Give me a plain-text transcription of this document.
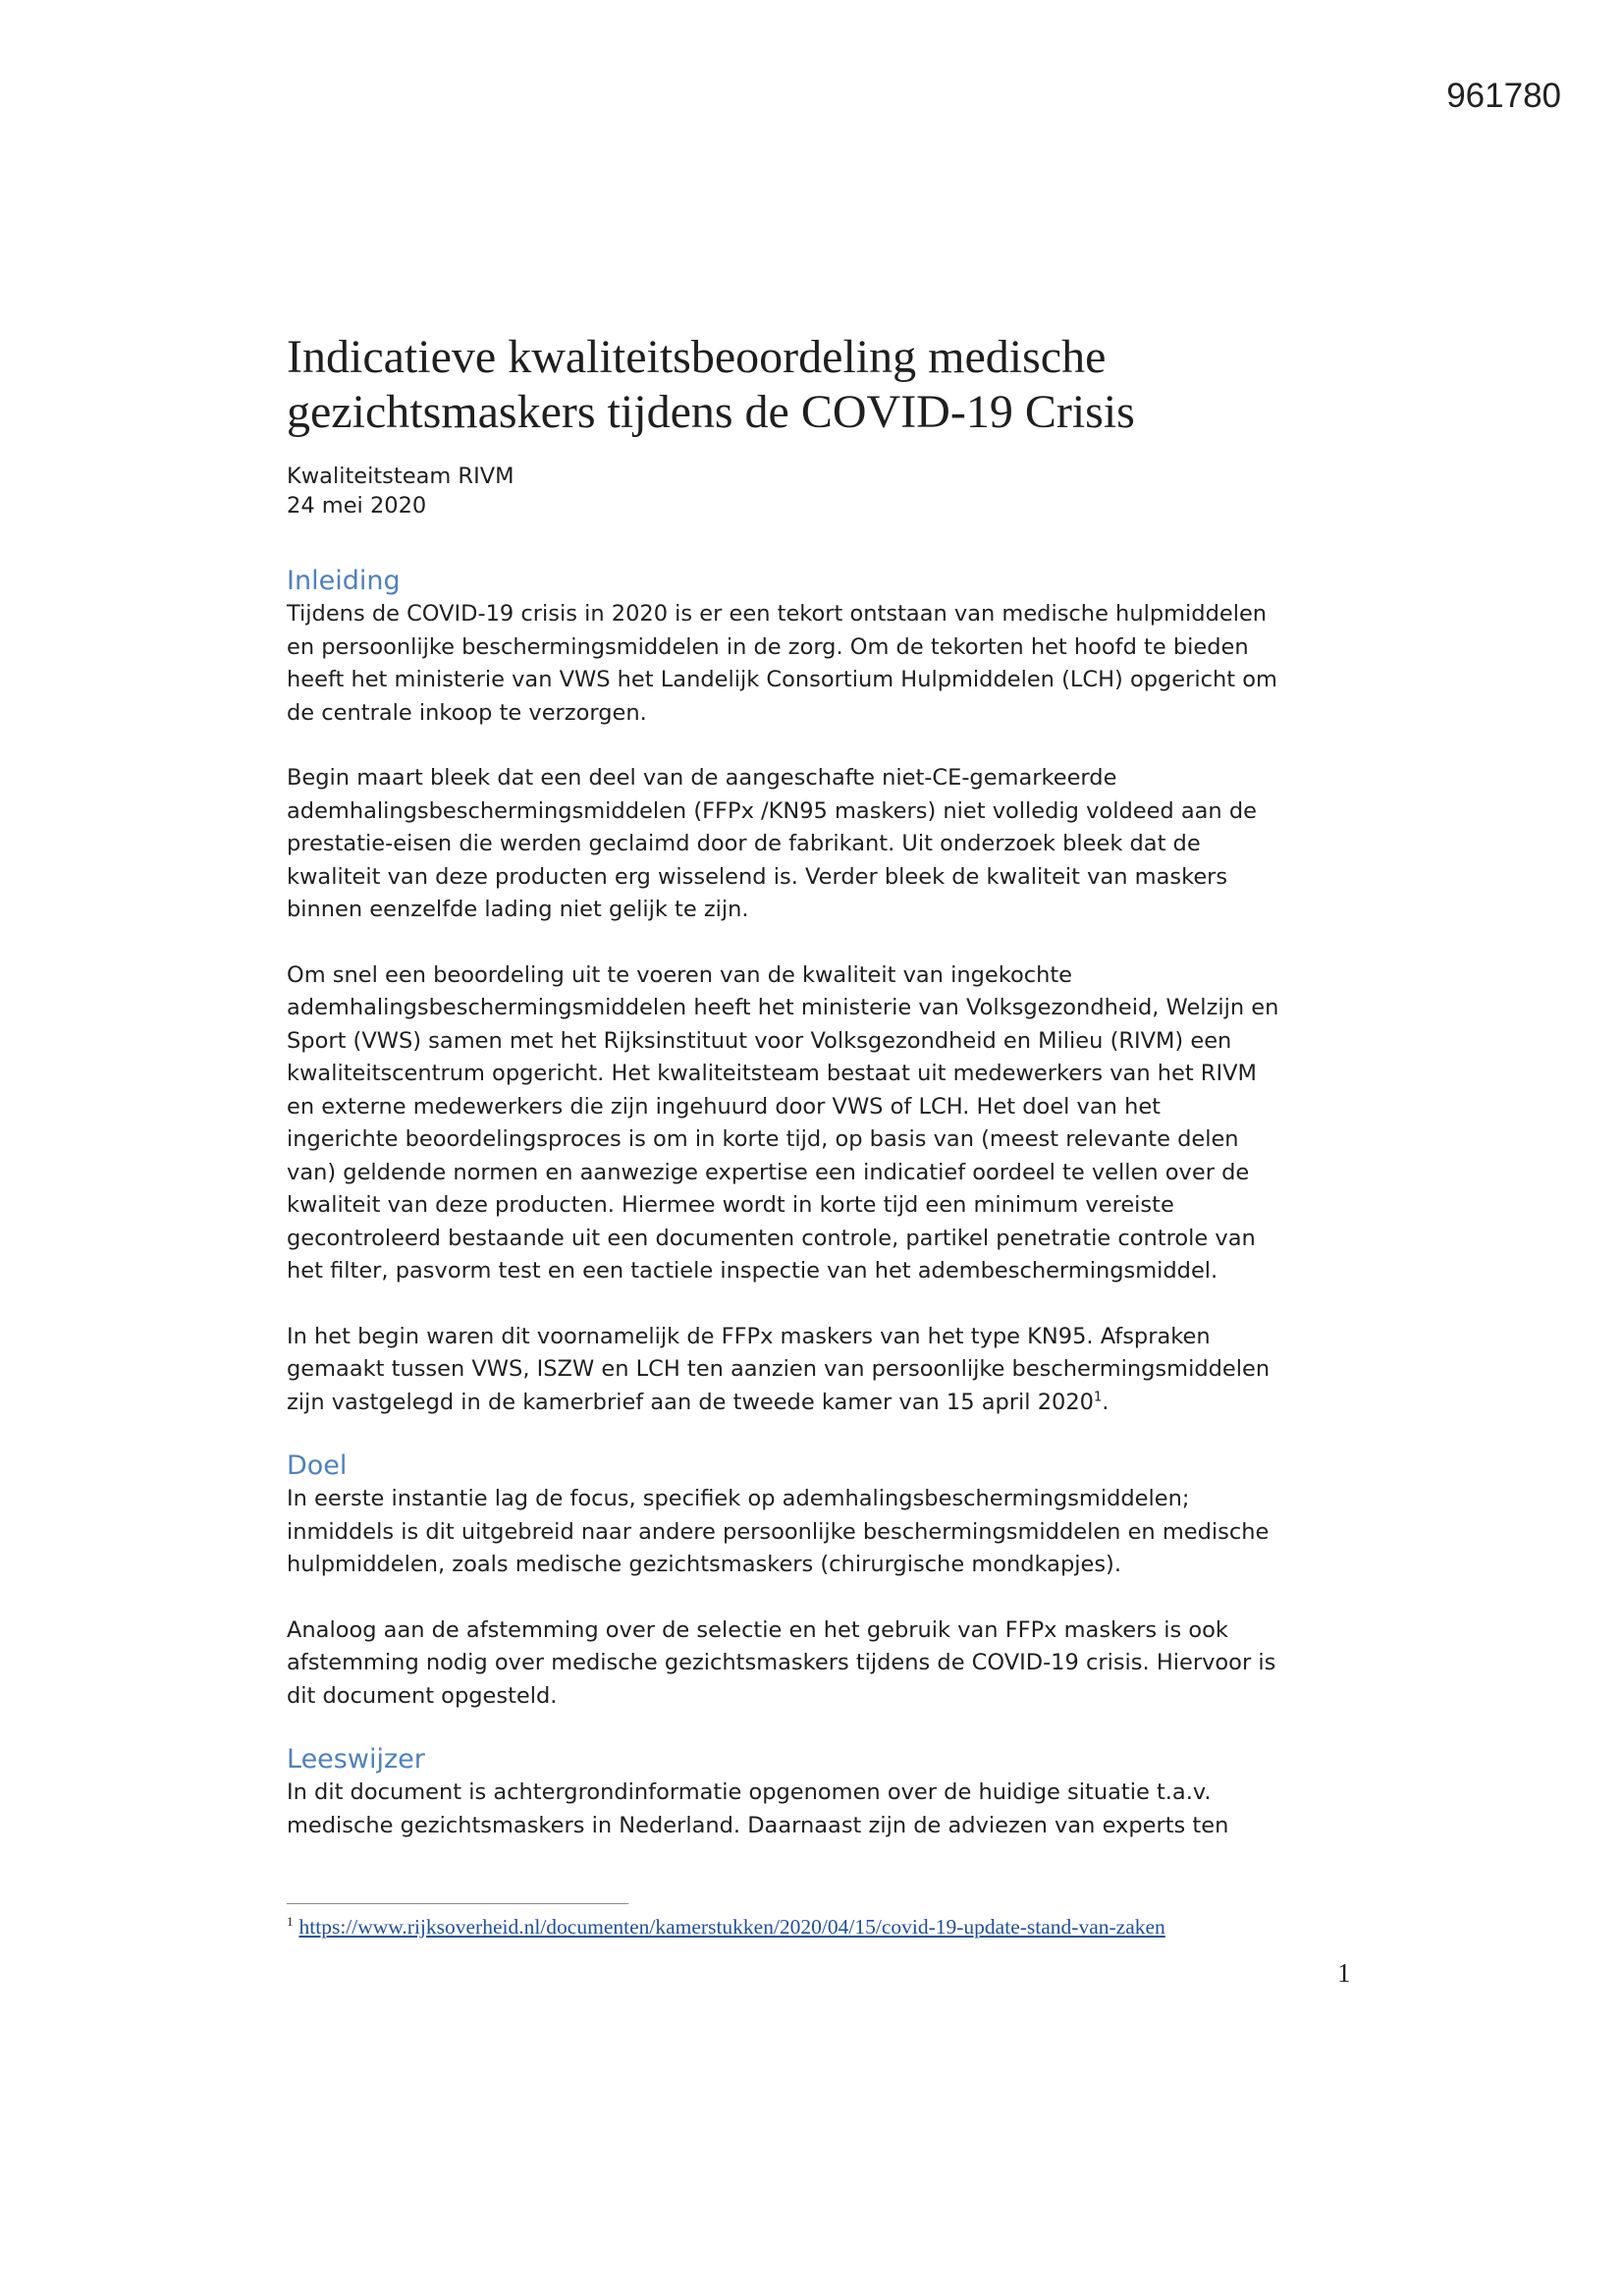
961780

Indicatieve kwaliteitsbeoordeling medische
gezichtsmaskers tijdens de COVID-19 Crisis

Kwaliteitsteam RIVM
24 mei 2020

Inleiding

Tijdens de COVID-19 crisis in 2020 is er een tekort ontstaan van medische hulpmiddelen
en persoonlijke beschermingsmiddelen in de zorg. Om de tekorten het hoofd te bieden
heeft het ministerie van VWS het Landelijk Consortium Hulpmiddelen (LCH) opgericht om
de centrale inkoop te verzorgen.

Begin maart bleek dat een deel van de aangeschafte niet-CE-gemarkeerde
ademhalingsbeschermingsmiddelen (FFPx /KN95 maskers) niet volledig voldeed aan de
prestatie-eisen die werden geclaimd door de fabrikant. Uit onderzoek bleek dat de
kwaliteit van deze producten erg wisselend is. Verder bleek de kwaliteit van maskers
binnen eenzelfde lading niet gelijk te zijn.

Om snel een beoordeling uit te voeren van de kwaliteit van ingekochte
ademhalingsbeschermingsmiddelen heeft het ministerie van Volksgezondheid, Welzijn en
Sport (VWS) samen met het Rijksinstituut voor Volksgezondheid en Milieu (RIVM) een
kwaliteitscentrum opgericht. Het kwaliteitsteam bestaat uit medewerkers van het RIVM
en externe medewerkers die zijn ingehuurd door VWS of LCH. Het doel van het
ingerichte beoordelingsproces is om in korte tijd, op basis van (meest relevante delen
van) geldende normen en aanwezige expertise een indicatief oordeel te vellen over de
kwaliteit van deze producten. Hiermee wordt in korte tijd een minimum vereiste
gecontroleerd bestaande uit een documenten controle, partikel penetratie controle van
het filter, pasvorm test en een tactiele inspectie van het adembeschermingsmiddel.

In het begin waren dit voornamelijk de FFPx maskers van het type KN95. Afspraken
gemaakt tussen VWS, ISZW en LCH ten aanzien van persoonlijke beschermingsmiddelen
zijn vastgelegd in de kamerbrief aan de tweede kamer van 15 april 2020$^1$.

Doel

In eerste instantie lag de focus, specifiek op ademhalingsbeschermingsmiddelen;
inmiddels is dit uitgebreid naar andere persoonlijke beschermingsmiddelen en medische
hulpmiddelen, zoals medische gezichtsmaskers (chirurgische mondkapjes).

Analoog aan de afstemming over de selectie en het gebruik van FFPx maskers is ook
afstemming nodig over medische gezichtsmaskers tijdens de COVID-19 crisis. Hiervoor is
dit document opgesteld.

Leeswijzer

In dit document is achtergrondinformatie opgenomen over de huidige situatie t.a.v.
medische gezichtsmaskers in Nederland. Daarnaast zijn de adviezen van experts ten

$^1$ https://www.rijksoverheid.nl/documenten/kamerstukken/2020/04/15/covid-19-update-stand-van-zaken

1
